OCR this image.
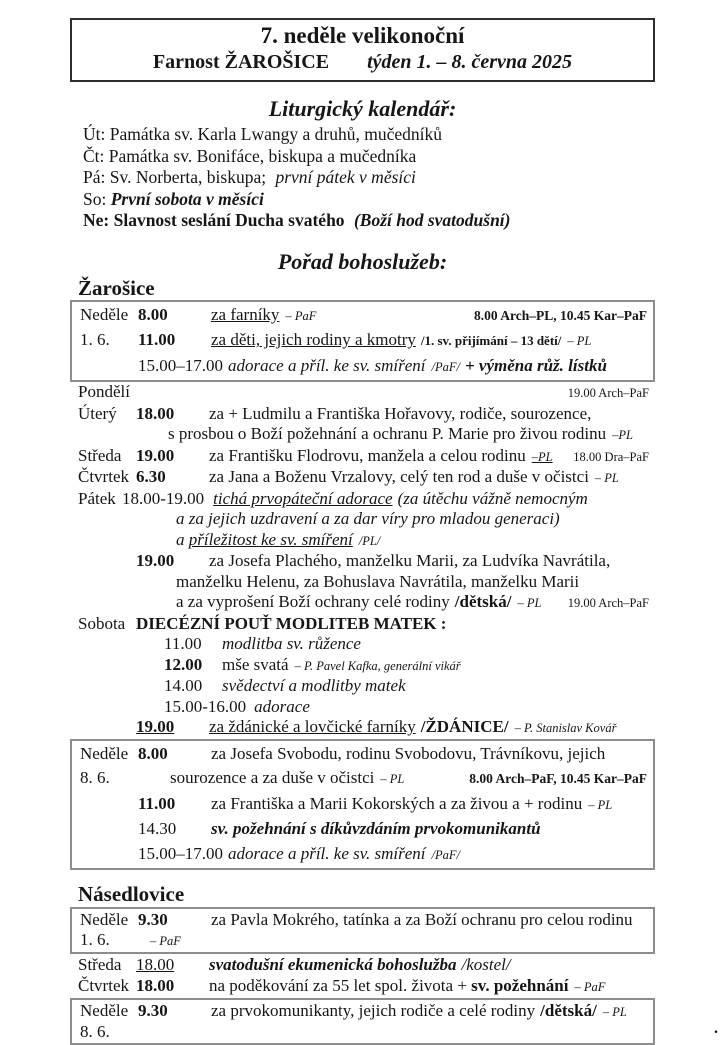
7. neděle velikonoční
Farnost ŽAROŠICE týden 1. – 8. června 2025
Liturgický kalendář:
Út: Památka sv. Karla Lwangy a druhů, mučedníků
Čt: Památka sv. Bonifáce, biskupa a mučedníka
Pá: Sv. Norberta, biskupa; první pátek v měsíci
So: První sobota v měsíci
Ne: Slavnost seslání Ducha svatého (Boží hod svatodušní)
Pořad bohoslužeb:
Žarošice
Neděle 8.00	za farníky – PaF	8.00 Arch–PL, 10.45 Kar–PaF
1. 6.	11.00	za děti, jejich rodiny a kmotry /1. sv. přijímání – 13 dětí/ – PL
15.00–17.00 adorace a příl. ke sv. smíření /PaF/ + výměna růž. lístků
Pondělí	19.00 Arch–PaF
Úterý	18.00	za + Ludmilu a Františka Hořavovy, rodiče, sourozence,
s prosbou o Boží požehnání a ochranu P. Marie pro živou rodinu –PL
Středa 19.00	za Františku Flodrovu, manžela a celou rodinu –PL	18.00 Dra–PaF
Čtvrtek 6.30	za Jana a Boženu Vrzalovy, celý ten rod a duše v očistci – PL
Pátek 18.00-19.00 tichá prvopáteční adorace (za útěchu vážně nemocným
a za jejich uzdravení a za dar víry pro mladou generaci)
a příležitost ke sv. smíření /PL/
19.00	za Josefa Plachého, manželku Marii, za Ludvíka Navrátila,
manželku Helenu, za Bohuslava Navrátila, manželku Marii
a za vyprošení Boží ochrany celé rodiny /dětská/ – PL	19.00 Arch–PaF
Sobota DIECÉZNÍ POUŤ MODLITEB MATEK :
11.00 modlitba sv. růžence
12.00 mše svatá – P. Pavel Kafka, generální vikář
14.00 svědectví a modlitby matek
15.00-16.00 adorace
19.00	za ždánické a lovčické farníky /ŽDÁNICE/ – P. Stanislav Kovář
Neděle 8.00	za Josefa Svobodu, rodinu Svobodovu, Trávníkovu, jejich
8. 6.	sourozence a za duše v očistci – PL	8.00 Arch–PaF, 10.45 Kar–PaF
11.00	za Františka a Marii Kokorských a za živou a + rodinu – PL
14.30	sv. požehnání s díkůvzdáním prvokomunikantů
15.00–17.00 adorace a příl. ke sv. smíření /PaF/
Násedlovice
Neděle 9.30	za Pavla Mokrého, tatínka a za Boží ochranu pro celou rodinu
1. 6.	– PaF
Středa 18.00	svatodušní ekumenická bohoslužba /kostel/
Čtvrtek 18.00	na poděkování za 55 let spol. života + sv. požehnání – PaF
Neděle 9.30	za prvokomunikanty, jejich rodiče a celé rodiny /dětská/ – PL
8. 6.	.
